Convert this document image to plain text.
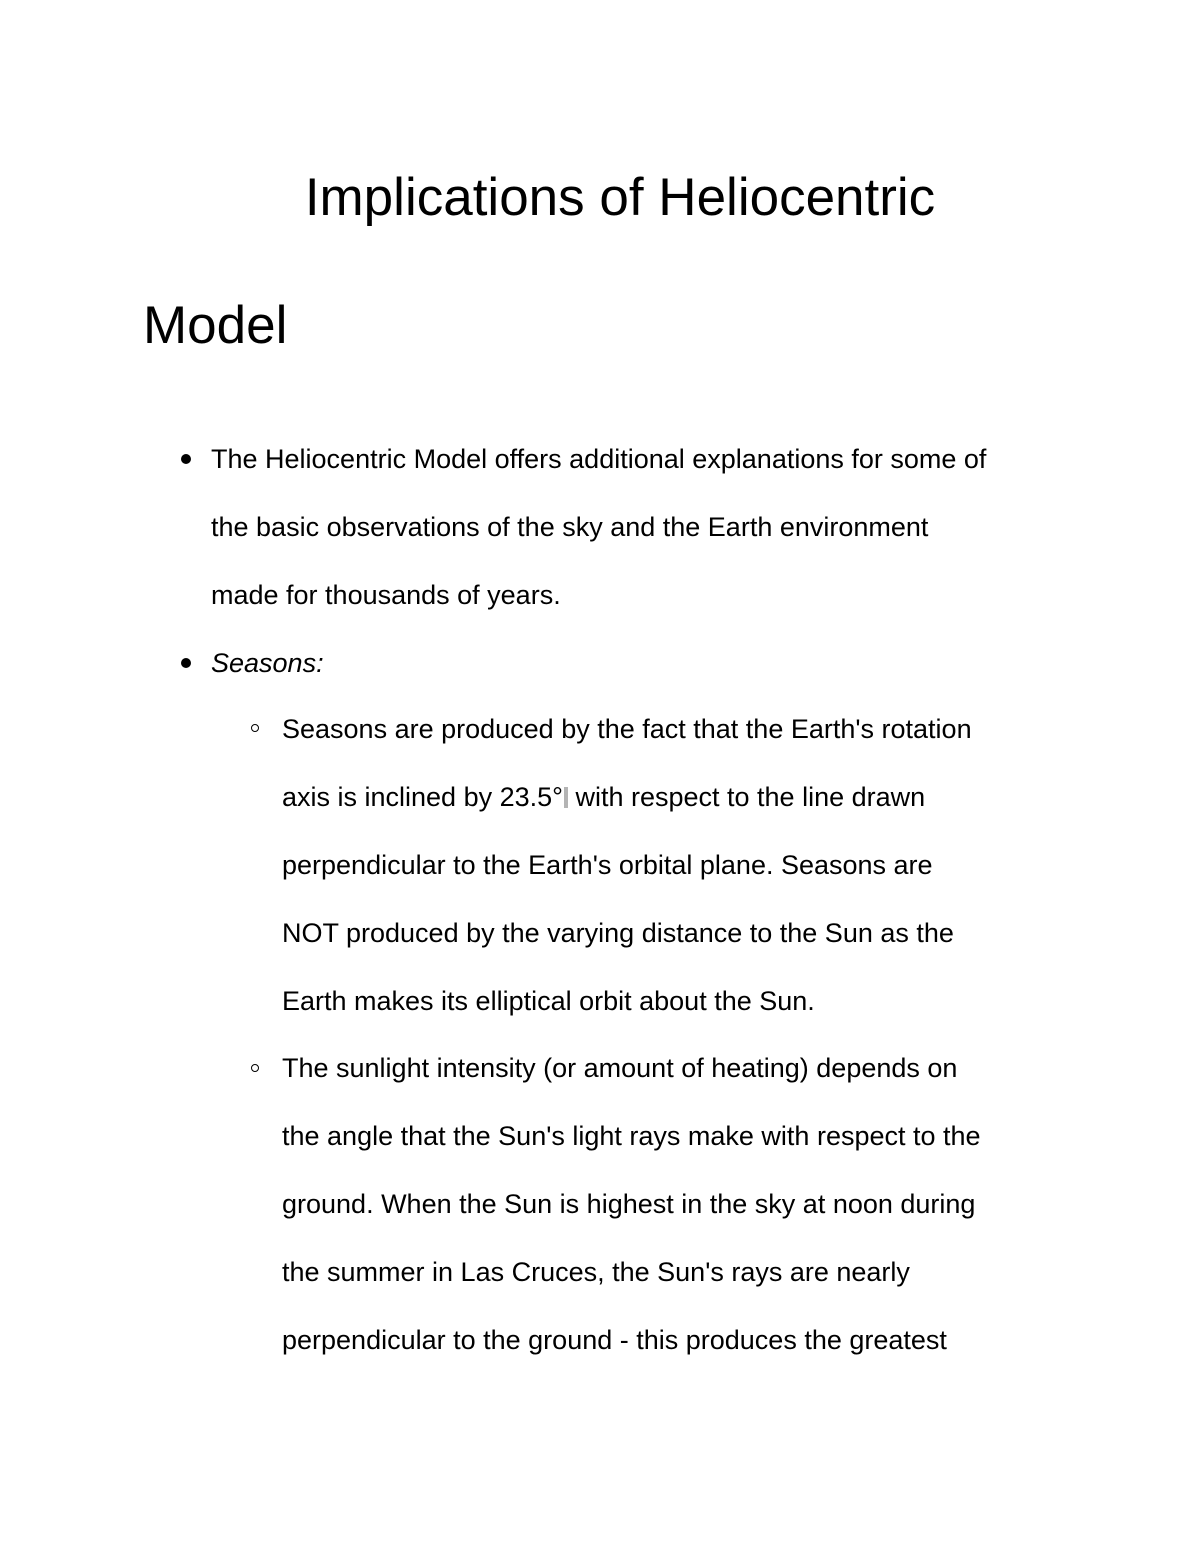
Implications of Heliocentric
Model

The Heliocentric Model offers additional explanations for some of
the basic observations of the sky and the Earth environment
made for thousands of years.

Seasons:

Seasons are produced by the fact that the Earth's rotation
axis is inclined by 23.5° with respect to the line drawn
perpendicular to the Earth's orbital plane. Seasons are
NOT produced by the varying distance to the Sun as the
Earth makes its elliptical orbit about the Sun.

The sunlight intensity (or amount of heating) depends on
the angle that the Sun's light rays make with respect to the
ground. When the Sun is highest in the sky at noon during
the summer in Las Cruces, the Sun's rays are nearly
perpendicular to the ground - this produces the greatest
